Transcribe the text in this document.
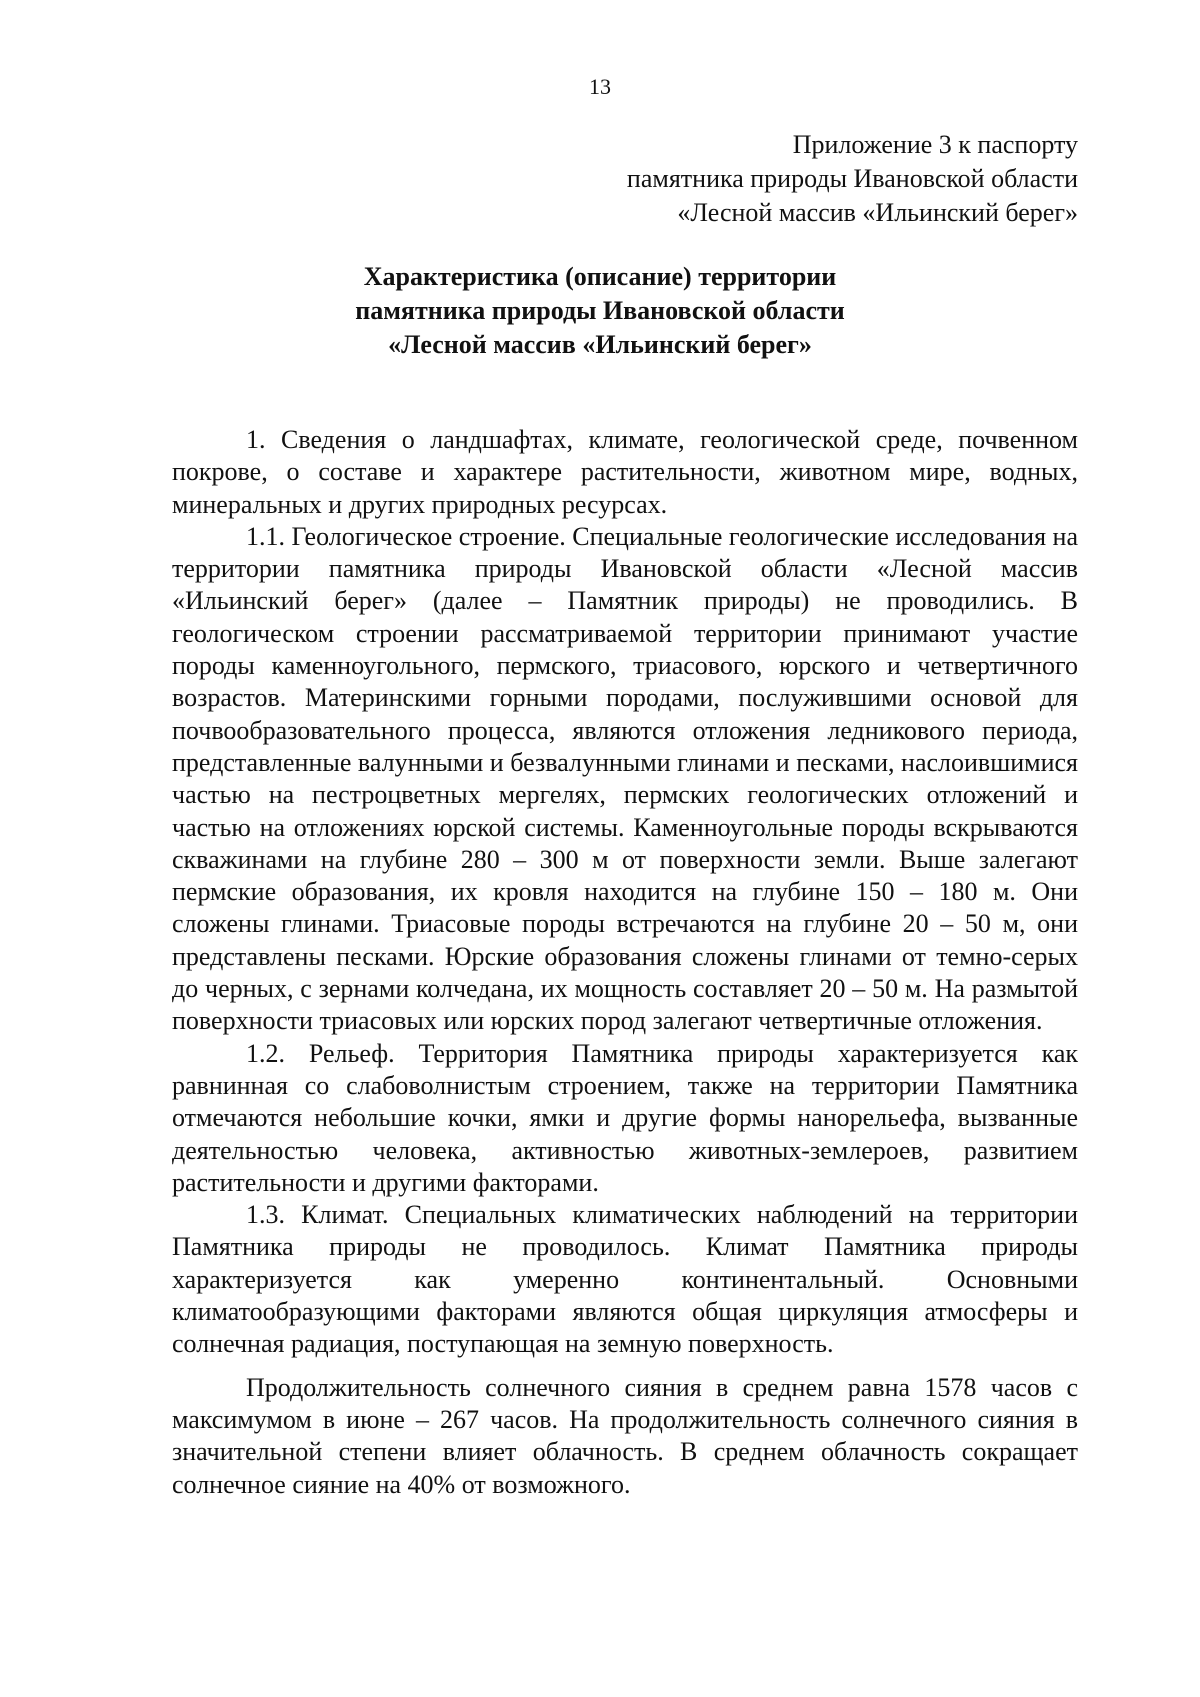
13
Приложение 3 к паспорту
памятника природы Ивановской области
«Лесной массив «Ильинский берег»
Характеристика (описание) территории
памятника природы Ивановской области
«Лесной массив «Ильинский берег»

1. Сведения о ландшафтах, климате, геологической среде, почвенном покрове, о составе и характере растительности, животном мире, водных, минеральных и других природных ресурсах.

1.1. Геологическое строение. Специальные геологические исследования на территории памятника природы Ивановской области «Лесной массив «Ильинский берег» (далее – Памятник природы) не проводились. В геологическом строении рассматриваемой территории принимают участие породы каменноугольного, пермского, триасового, юрского и четвертичного возрастов. Материнскими горными породами, послужившими основой для почвообразовательного процесса, являются отложения ледникового периода, представленные валунными и безвалунными глинами и песками, наслоившимися частью на пестроцветных мергелях, пермских геологических отложений и частью на отложениях юрской системы. Каменноугольные породы вскрываются скважинами на глубине 280 – 300 м от поверхности земли. Выше залегают пермские образования, их кровля находится на глубине 150 – 180 м. Они сложены глинами. Триасовые породы встречаются на глубине 20 – 50 м, они представлены песками. Юрские образования сложены глинами от темно-серых до черных, с зернами колчедана, их мощность составляет 20 – 50 м. На размытой поверхности триасовых или юрских пород залегают четвертичные отложения.

1.2. Рельеф. Территория Памятника природы характеризуется как равнинная со слабоволнистым строением, также на территории Памятника отмечаются небольшие кочки, ямки и другие формы нанорельефа, вызванные деятельностью человека, активностью животных-землероев, развитием растительности и другими факторами.

1.3. Климат. Специальных климатических наблюдений на территории Памятника природы не проводилось. Климат Памятника природы характеризуется как умеренно континентальный. Основными климатообразующими факторами являются общая циркуляция атмосферы и солнечная радиация, поступающая на земную поверхность.

Продолжительность солнечного сияния в среднем равна 1578 часов с максимумом в июне – 267 часов. На продолжительность солнечного сияния в значительной степени влияет облачность. В среднем облачность сокращает солнечное сияние на 40% от возможного.
